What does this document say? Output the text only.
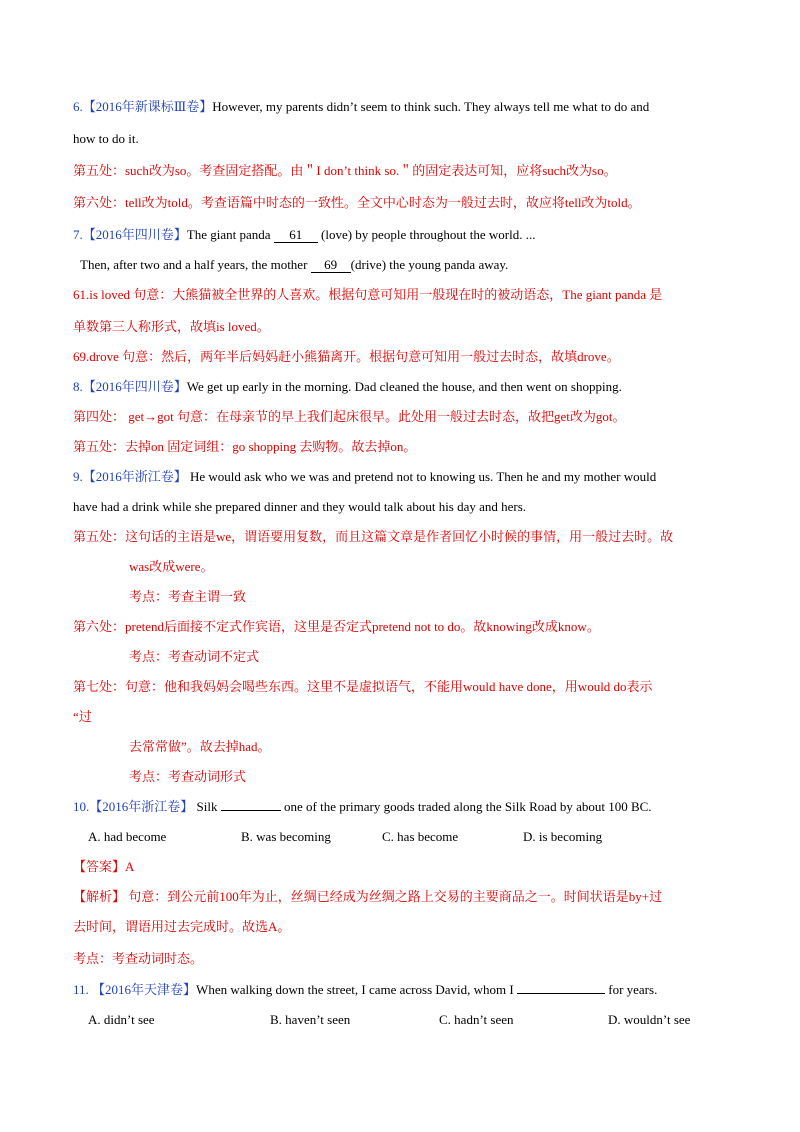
6.【2016年新课标Ⅲ卷】However, my parents didn’t seem to think such. They always tell me what to do and
how to do it.
第五处：such改为so。考查固定搭配。由＂I don’t think so.＂的固定表达可知，应将such改为so。
第六处：tell改为told。考查语篇中时态的一致性。全文中心时态为一般过去时，故应将tell改为told。
7.【2016年四川卷】The giant panda 61 (love) by people throughout the world. ...
Then, after two and a half years, the mother 69 (drive) the young panda away.
61.is loved 句意：大熊猫被全世界的人喜欢。根据句意可知用一般现在时的被动语态，The giant panda 是
单数第三人称形式，故填is loved。
69.drove 句意：然后，两年半后妈妈赶小熊猫离开。根据句意可知用一般过去时态，故填drove。
8.【2016年四川卷】We get up early in the morning. Dad cleaned the house, and then went on shopping.
第四处： get→got 句意：在母亲节的早上我们起床很早。此处用一般过去时态，故把get改为got。
第五处：去掉on 固定词组：go shopping 去购物。故去掉on。
9.【2016年浙江卷】 He would ask who we was and pretend not to knowing us. Then he and my mother would
have had a drink while she prepared dinner and they would talk about his day and hers.
第五处：这句话的主语是we，谓语要用复数，而且这篇文章是作者回忆小时候的事情，用一般过去时。故
was改成were。
考点：考查主谓一致
第六处：pretend后面接不定式作宾语，这里是否定式pretend not to do。故knowing改成know。
考点：考查动词不定式
第七处：句意：他和我妈妈会喝些东西。这里不是虚拟语气，不能用would have done，用would do表示
“过
去常常做”。故去掉had。
考点：考查动词形式
10.【2016年浙江卷】 Silk	one of the primary goods traded along the Silk Road by about 100 BC.
A. had become	B. was becoming	C. has become	D. is becoming
【答案】A
【解析】 句意：到公元前100年为止，丝绸已经成为丝绸之路上交易的主要商品之一。时间状语是by+过
去时间，谓语用过去完成时。故选A。
考点：考查动词时态。
11. 【2016年天津卷】When walking down the street, I came across David, whom I	for years.
A. didn’t see	B. haven’t seen	C. hadn’t seen	D. wouldn’t see
